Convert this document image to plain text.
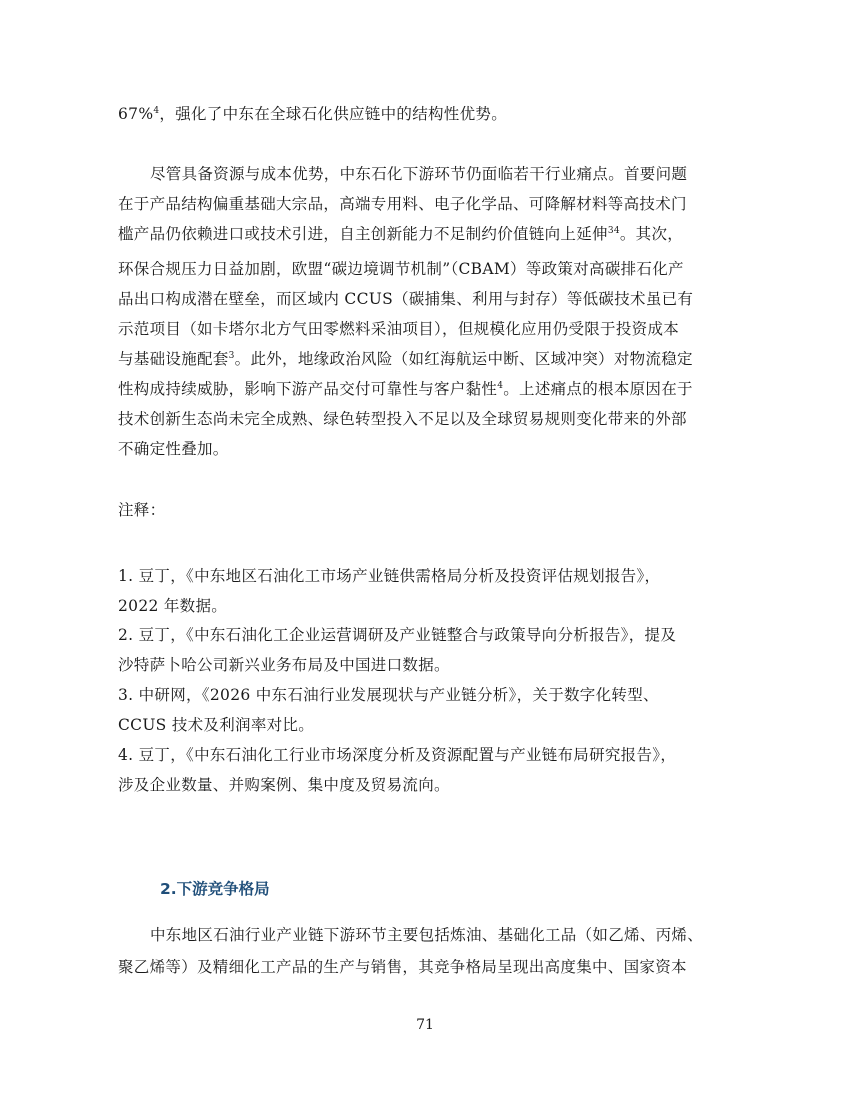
67%$^4$，强化了中东在全球石化供应链中的结构性优势。
尽管具备资源与成本优势，中东石化下游环节仍面临若干行业痛点。首要问题
在于产品结构偏重基础大宗品，高端专用料、电子化学品、可降解材料等高技术门
槛产品仍依赖进口或技术引进，自主创新能力不足制约价值链向上延伸$^{34}$。其次，
环保合规压力日益加剧，欧盟“碳边境调节机制”（CBAM）等政策对高碳排石化产
品出口构成潜在壁垒，而区域内 CCUS（碳捕集、利用与封存）等低碳技术虽已有
示范项目（如卡塔尔北方气田零燃料采油项目），但规模化应用仍受限于投资成本
与基础设施配套$^3$。此外，地缘政治风险（如红海航运中断、区域冲突）对物流稳定
性构成持续威胁，影响下游产品交付可靠性与客户黏性$^4$。上述痛点的根本原因在于
技术创新生态尚未完全成熟、绿色转型投入不足以及全球贸易规则变化带来的外部
不确定性叠加。
注释：
1. 豆丁，《中东地区石油化工市场产业链供需格局分析及投资评估规划报告》，
2022 年数据。
2. 豆丁，《中东石油化工企业运营调研及产业链整合与政策导向分析报告》，提及
沙特萨卜哈公司新兴业务布局及中国进口数据。
3. 中研网，《2026 中东石油行业发展现状与产业链分析》，关于数字化转型、
CCUS 技术及利润率对比。
4. 豆丁，《中东石油化工行业市场深度分析及资源配置与产业链布局研究报告》，
涉及企业数量、并购案例、集中度及贸易流向。
2.下游竞争格局
中东地区石油行业产业链下游环节主要包括炼油、基础化工品（如乙烯、丙烯、
聚乙烯等）及精细化工产品的生产与销售，其竞争格局呈现出高度集中、国家资本
71
